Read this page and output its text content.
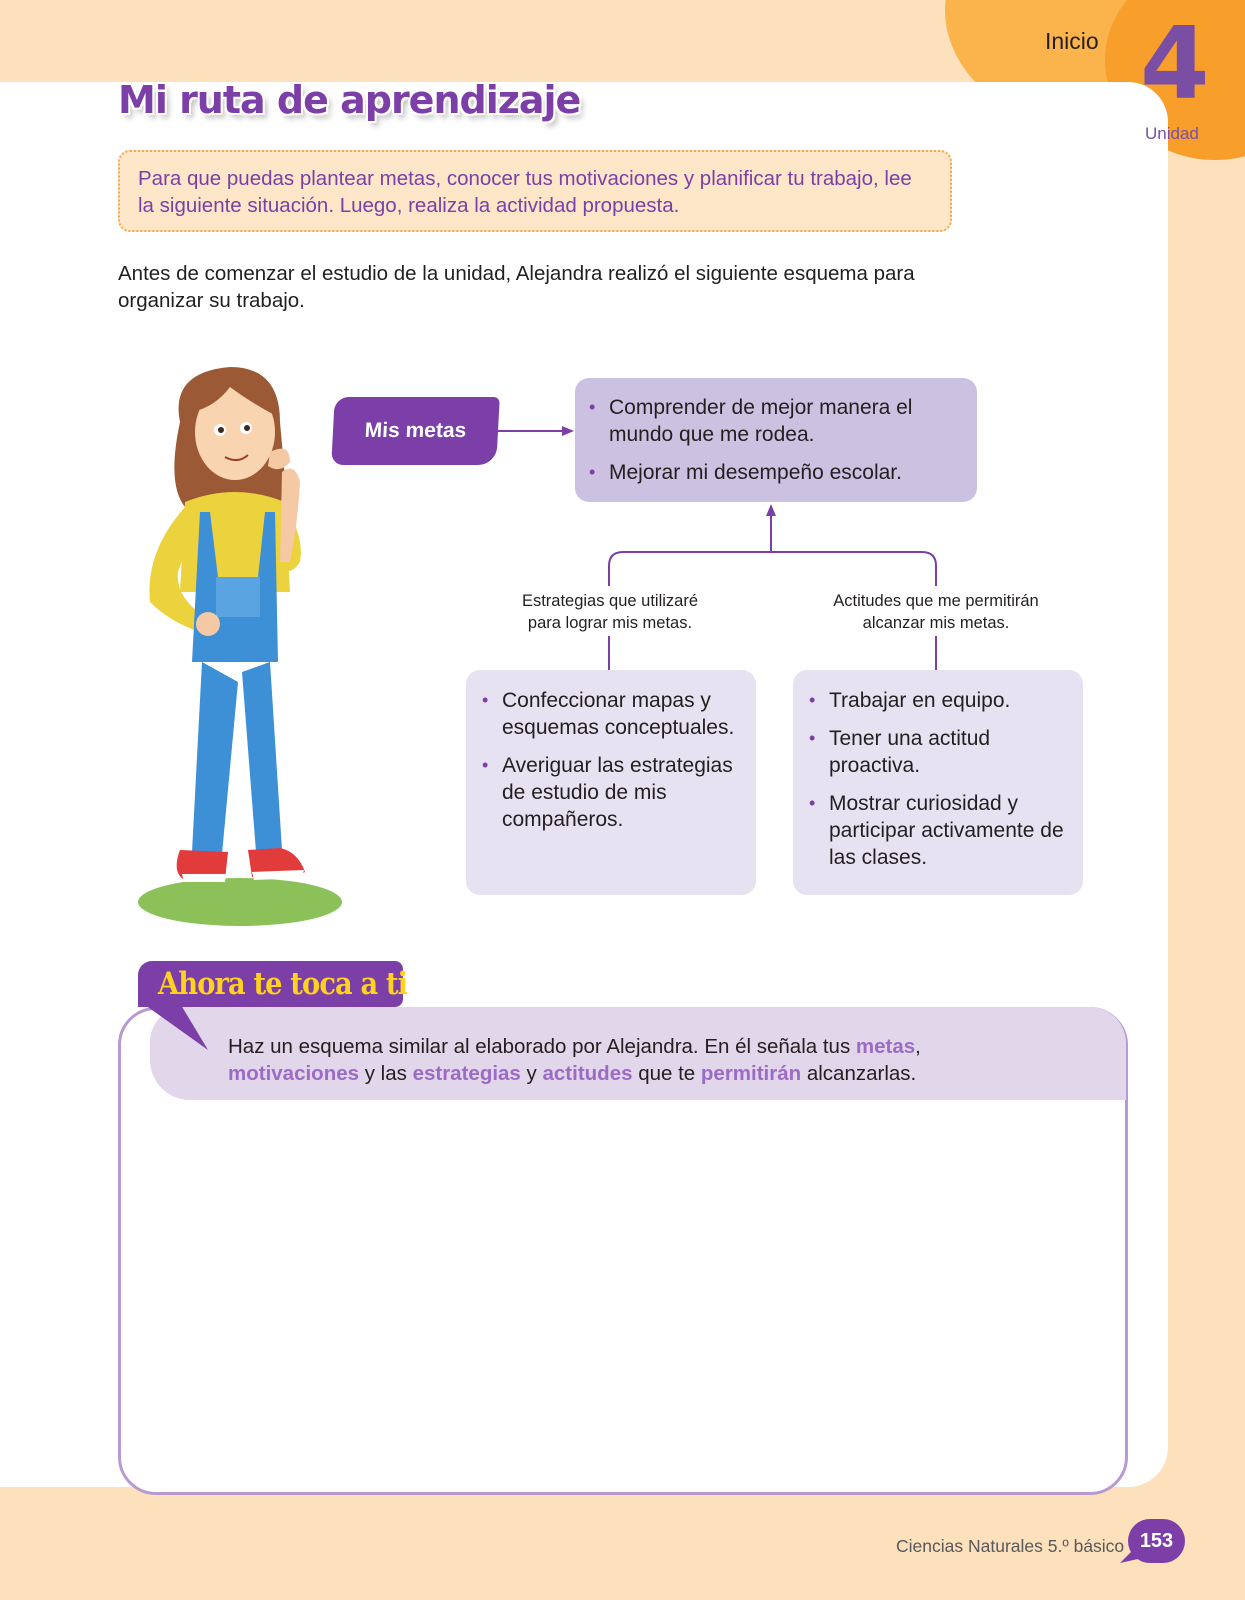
Inicio 4
Unidad
Mi ruta de aprendizaje
Para que puedas plantear metas, conocer tus motivaciones y planificar tu trabajo, lee la siguiente situación. Luego, realiza la actividad propuesta.
Antes de comenzar el estudio de la unidad, Alejandra realizó el siguiente esquema para organizar su trabajo.
Mis metas
• Comprender de mejor manera el mundo que me rodea.
• Mejorar mi desempeño escolar.
Estrategias que utilizaré para lograr mis metas.
Actitudes que me permitirán alcanzar mis metas.
• Confeccionar mapas y esquemas conceptuales.
• Averiguar las estrategias de estudio de mis compañeros.
• Trabajar en equipo.
• Tener una actitud proactiva.
• Mostrar curiosidad y participar activamente de las clases.
Ahora te toca a ti
Haz un esquema similar al elaborado por Alejandra. En él señala tus metas,
motivaciones y las estrategias y actitudes que te permitirán alcanzarlas.
Ciencias Naturales 5.º básico 153
